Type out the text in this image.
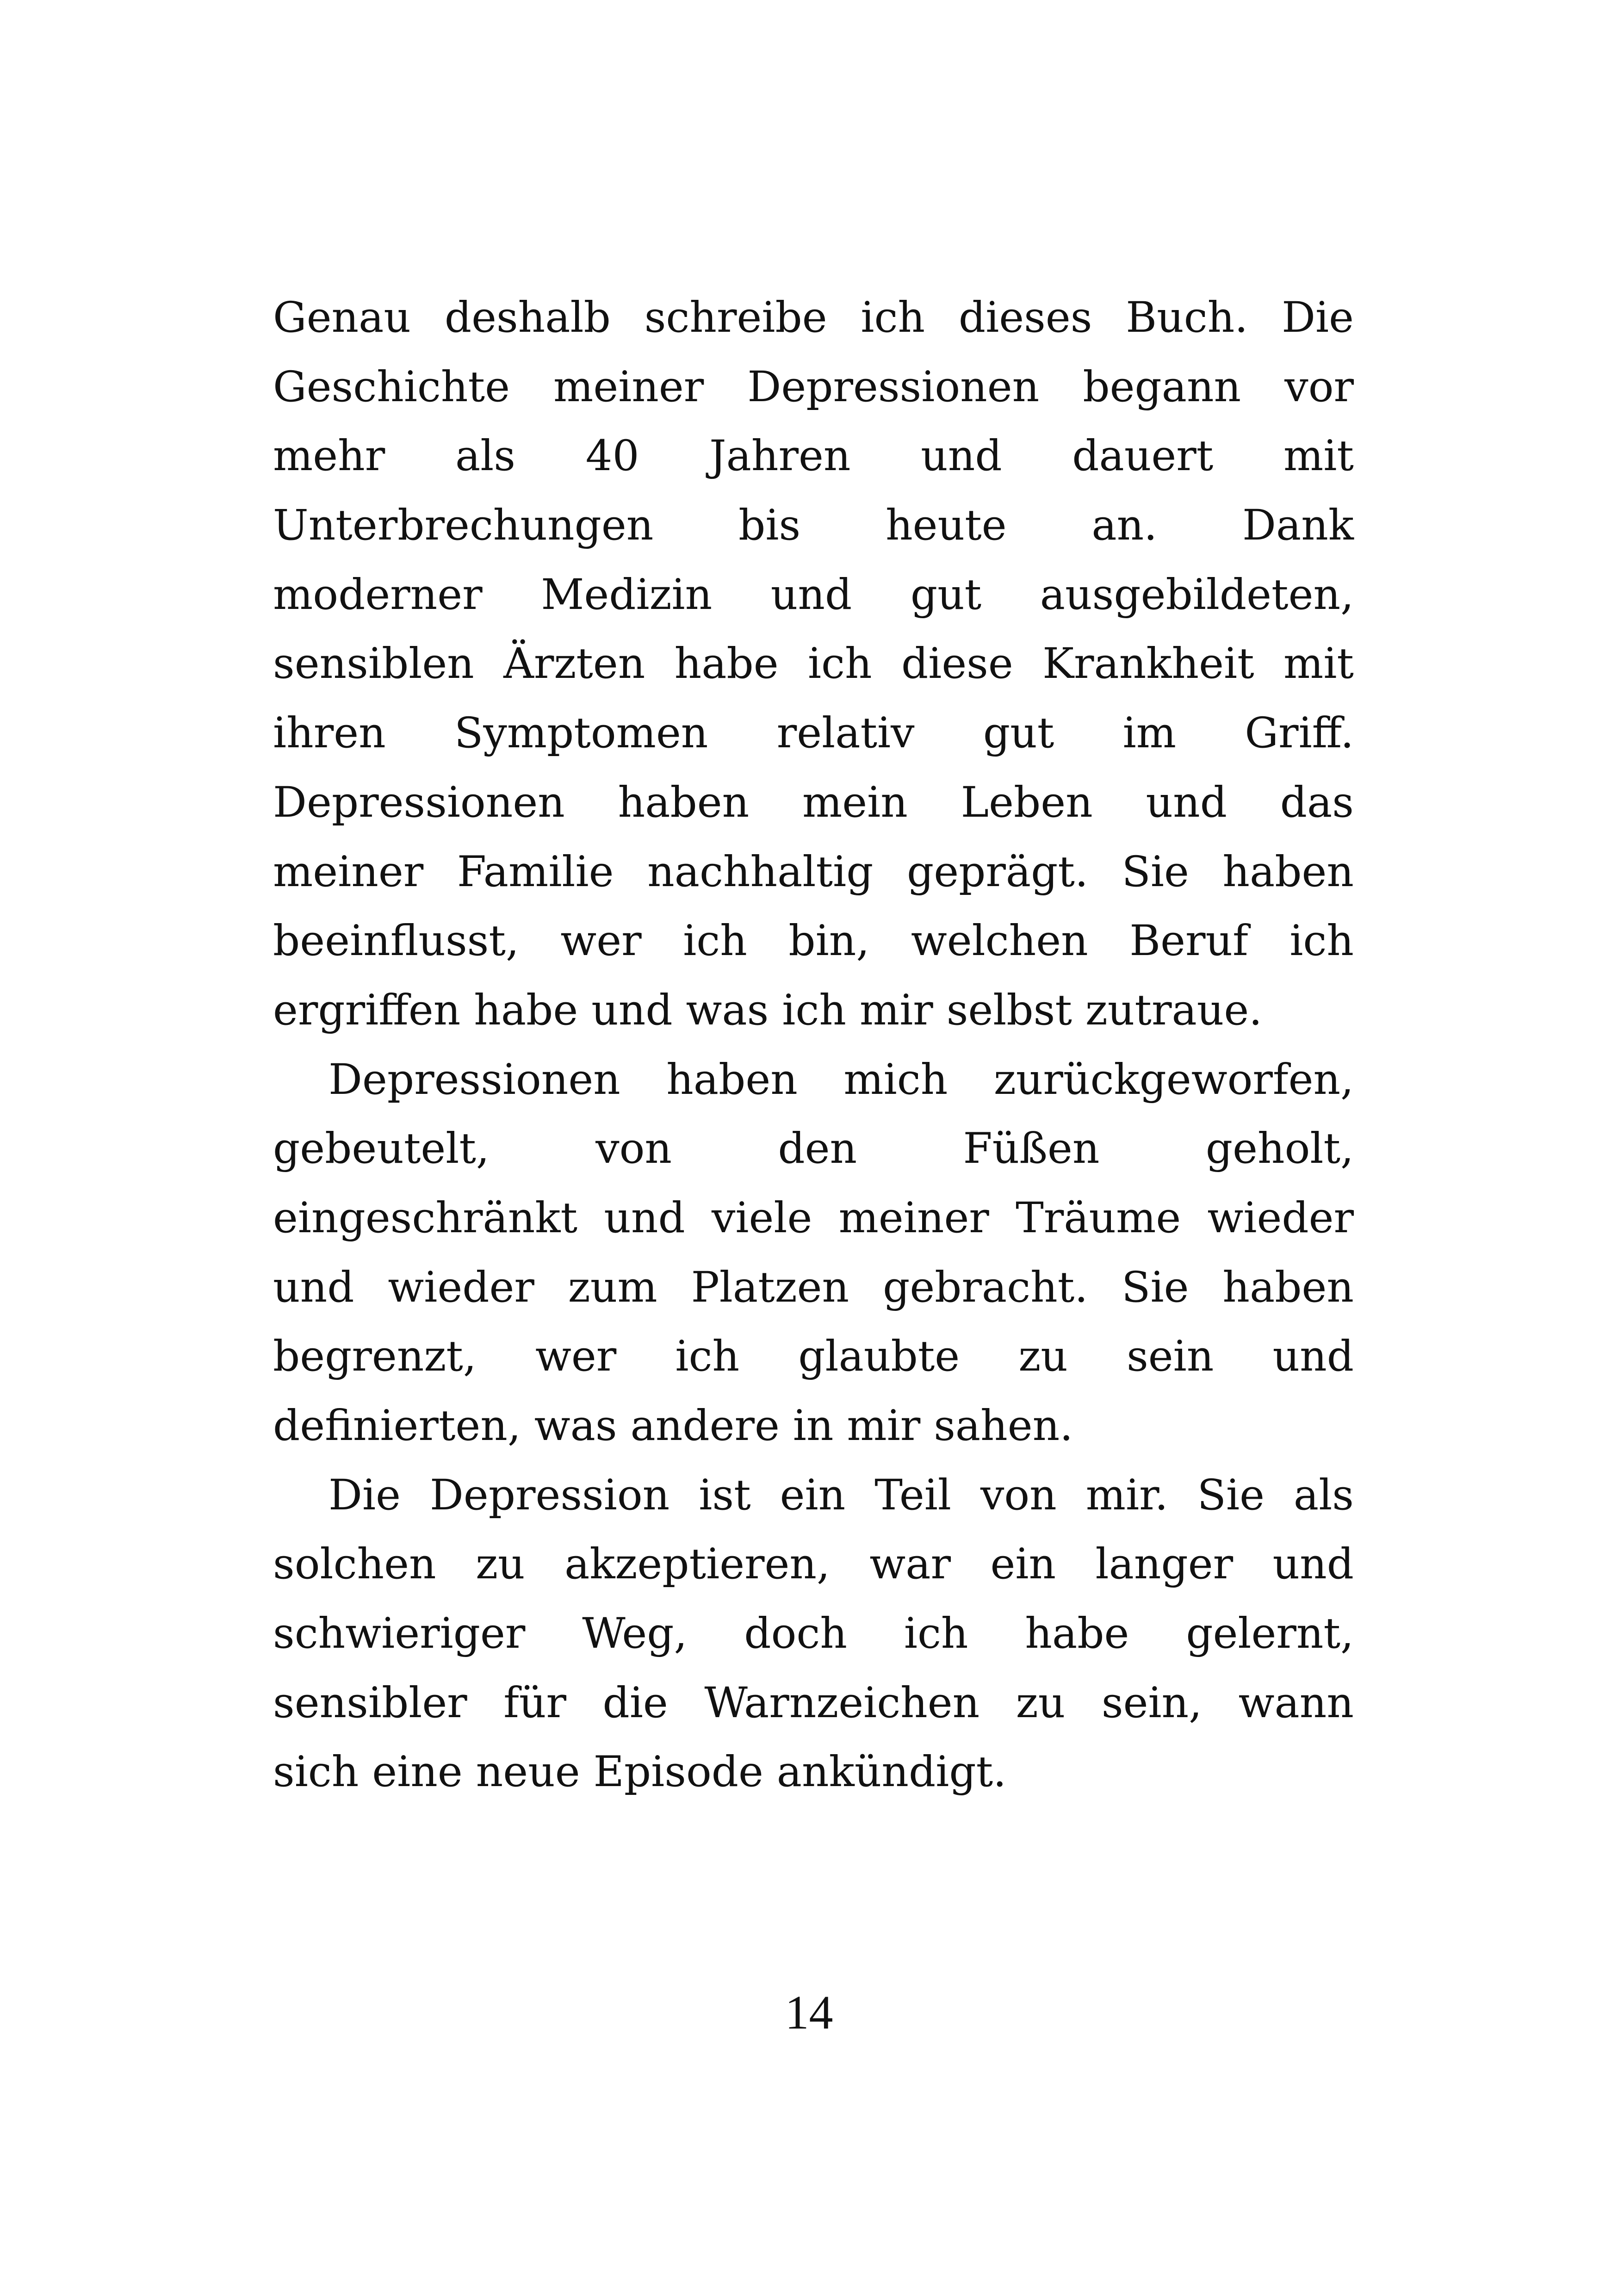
Genau deshalb schreibe ich dieses Buch. Die
Geschichte meiner Depressionen begann vor
mehr als 40 Jahren und dauert mit
Unterbrechungen bis heute an. Dank
moderner Medizin und gut ausgebildeten,
sensiblen Ärzten habe ich diese Krankheit mit
ihren Symptomen relativ gut im Griff.
Depressionen haben mein Leben und das
meiner Familie nachhaltig geprägt. Sie haben
beeinflusst, wer ich bin, welchen Beruf ich
ergriffen habe und was ich mir selbst zutraue.
Depressionen haben mich zurückgeworfen,
gebeutelt, von den Füßen geholt,
eingeschränkt und viele meiner Träume wieder
und wieder zum Platzen gebracht. Sie haben
begrenzt, wer ich glaubte zu sein und
definierten, was andere in mir sahen.
Die Depression ist ein Teil von mir. Sie als
solchen zu akzeptieren, war ein langer und
schwieriger Weg, doch ich habe gelernt,
sensibler für die Warnzeichen zu sein, wann
sich eine neue Episode ankündigt.
14
